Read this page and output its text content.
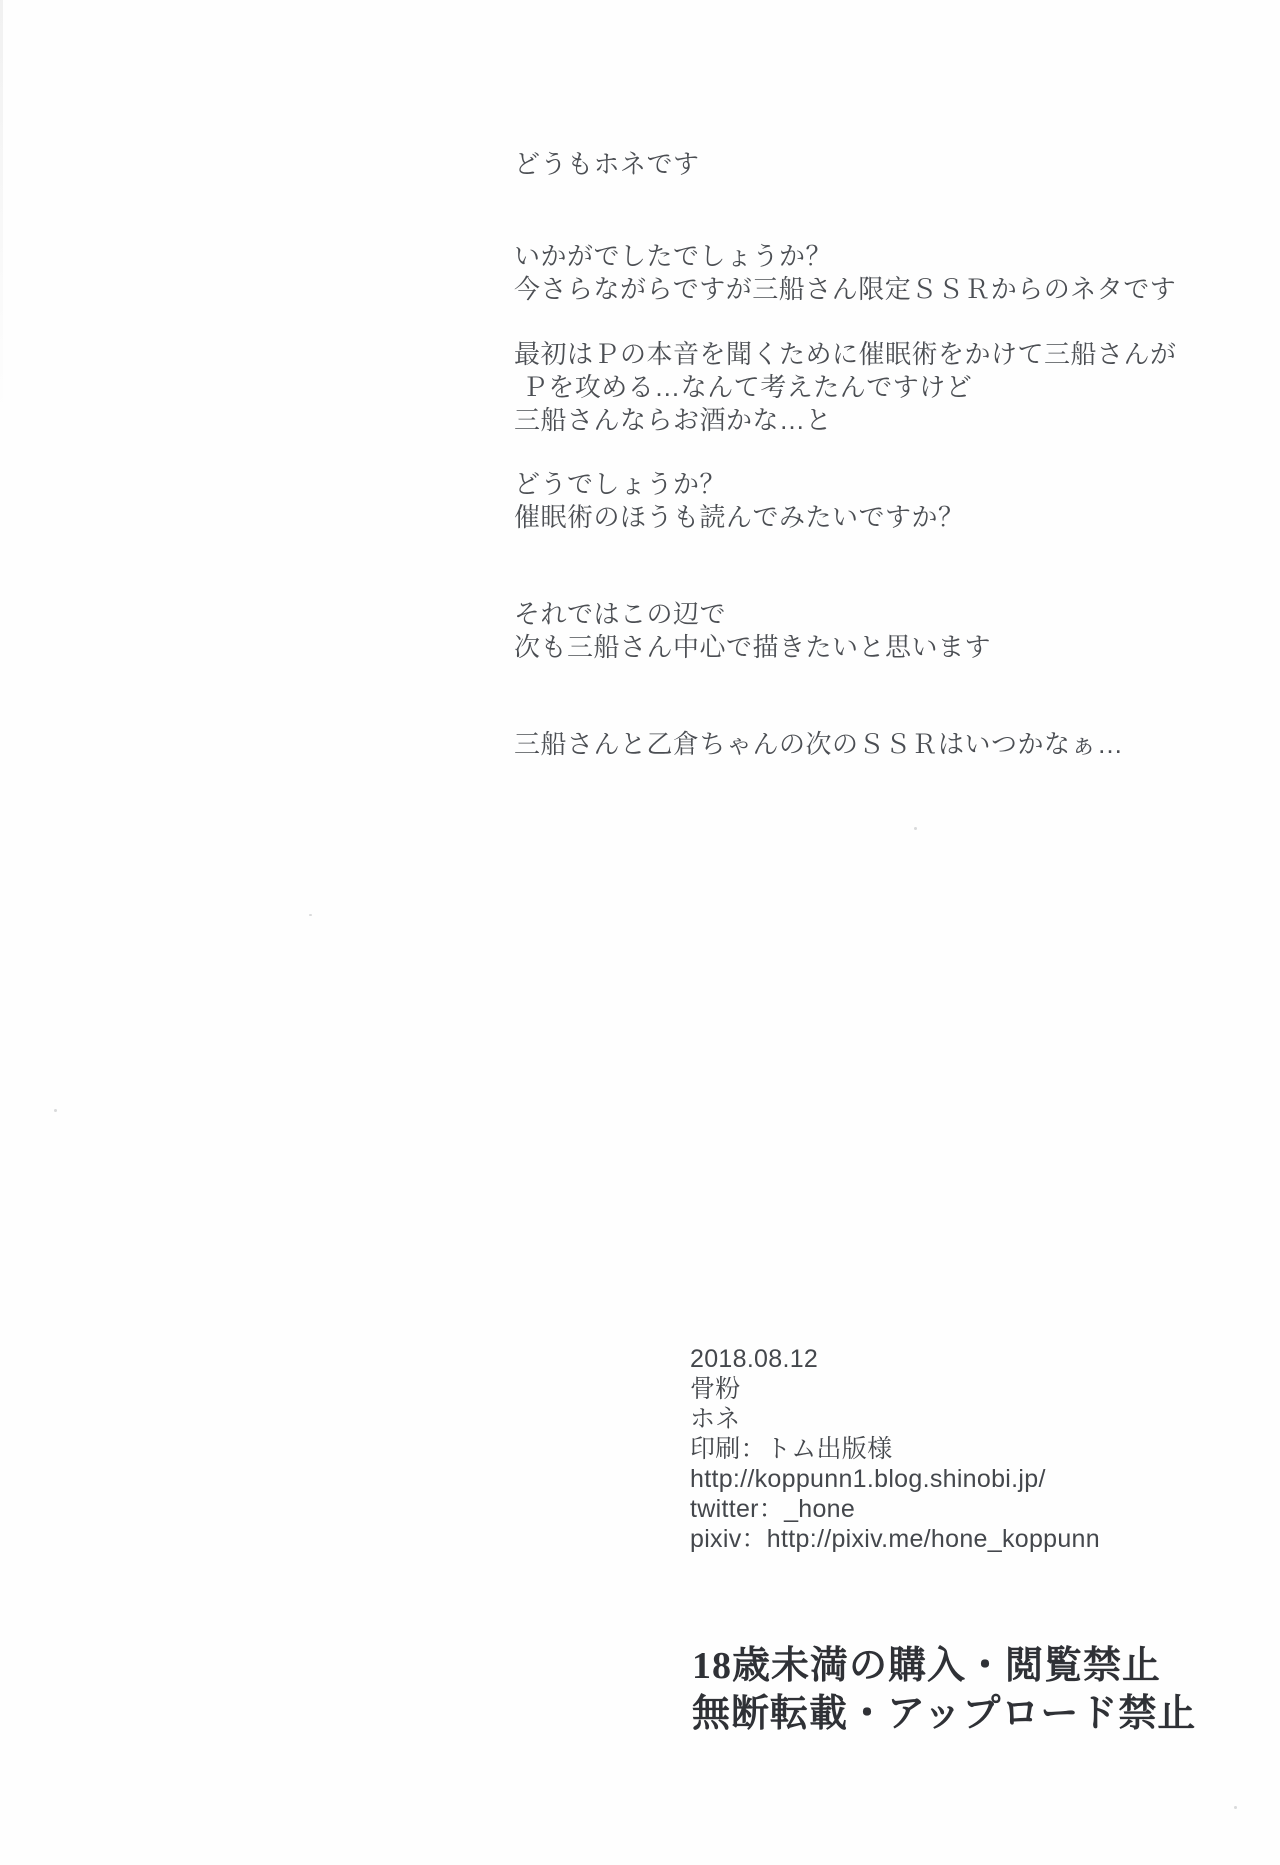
どうもホネです
いかがでしたでしょうか？
今さらながらですが三船さん限定ＳＳＲからのネタです
最初はＰの本音を聞くために催眠術をかけて三船さんが
Ｐを攻める…なんて考えたんですけど
三船さんならお酒かな…と
どうでしょうか？
催眠術のほうも読んでみたいですか？
それではこの辺で
次も三船さん中心で描きたいと思います
三船さんと乙倉ちゃんの次のＳＳＲはいつかなぁ…
2018.08.12
骨粉
ホネ
印刷：トム出版様
http://koppunn1.blog.shinobi.jp/
twitter：_hone
pixiv：http://pixiv.me/hone_koppunn
18歳未満の購入・閲覧禁止
無断転載・アップロード禁止
